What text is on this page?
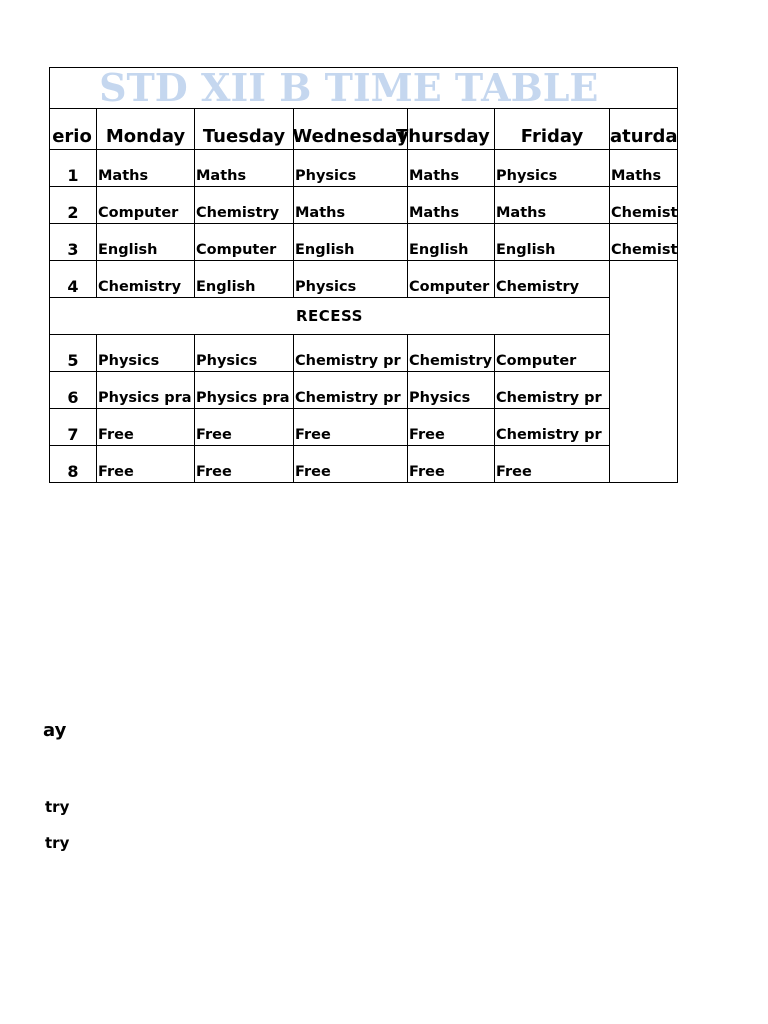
STD XII B TIME TABLE						

erio	Monday	Tuesday	Wednesday	Thursday	Friday	aturda

1	Maths	Maths	Physics	Maths	Physics	Maths
2	Computer	Chemistry	Maths	Maths	Maths	Chemist
3	English	Computer	English	English	English	Chemist
4	Chemistry	English	Physics	Computer	Chemistry	
RECESS						
5	Physics	Physics	Chemistry pr	Chemistry	Computer	
6	Physics pra	Physics pra	Chemistry pr	Physics	Chemistry pr	
7	Free	Free	Free	Free	Chemistry pr	
8	Free	Free	Free	Free	Free	
ay
try
try
